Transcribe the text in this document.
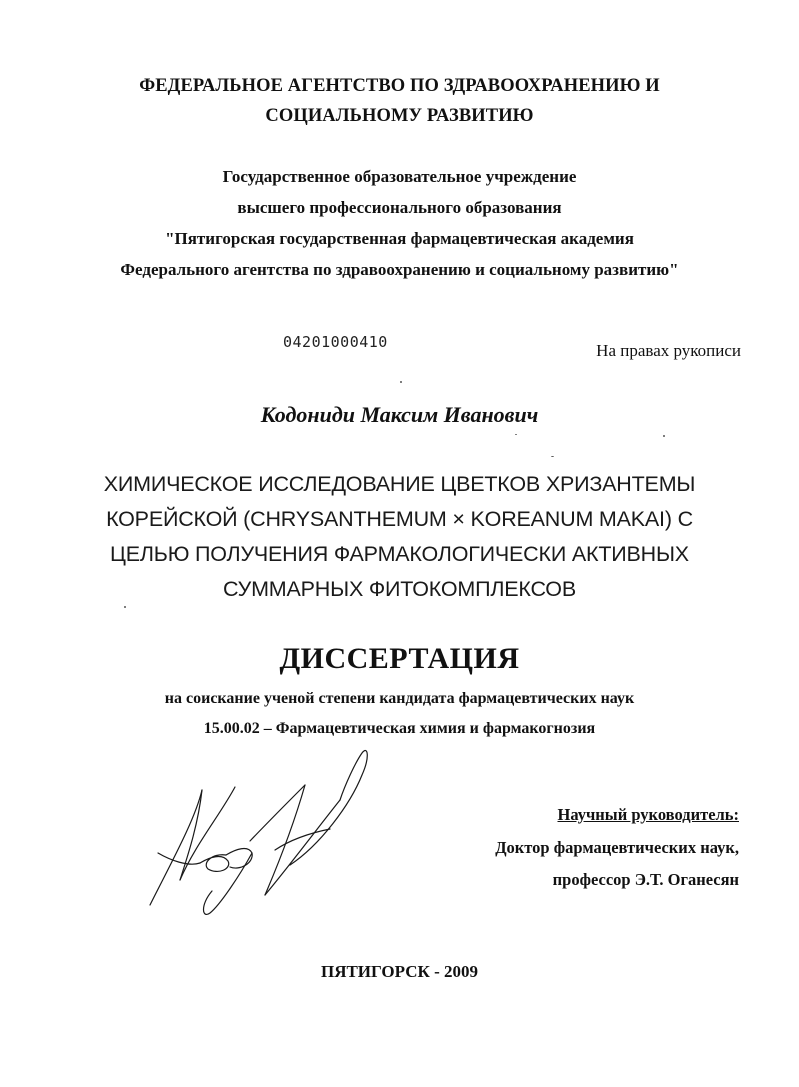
ФЕДЕРАЛЬНОЕ АГЕНТСТВО ПО ЗДРАВООХРАНЕНИЮ И
СОЦИАЛЬНОМУ РАЗВИТИЮ
Государственное образовательное учреждение
высшего профессионального образования
"Пятигорская государственная фармацевтическая академия
Федерального агентства по здравоохранению и социальному развитию"
04201000410	На правах рукописи
Кодониди Максим Иванович
ХИМИЧЕСКОЕ ИССЛЕДОВАНИЕ ЦВЕТКОВ ХРИЗАНТЕМЫ
КОРЕЙСКОЙ (CHRYSANTHEMUM × KOREANUM MAKAI) С
ЦЕЛЬЮ ПОЛУЧЕНИЯ ФАРМАКОЛОГИЧЕСКИ АКТИВНЫХ
СУММАРНЫХ ФИТОКОМПЛЕКСОВ
ДИССЕРТАЦИЯ
на соискание ученой степени кандидата фармацевтических наук
15.00.02 – Фармацевтическая химия и фармакогнозия
Научный руководитель:
Доктор фармацевтических наук,
профессор Э.Т. Оганесян
ПЯТИГОРСК - 2009
